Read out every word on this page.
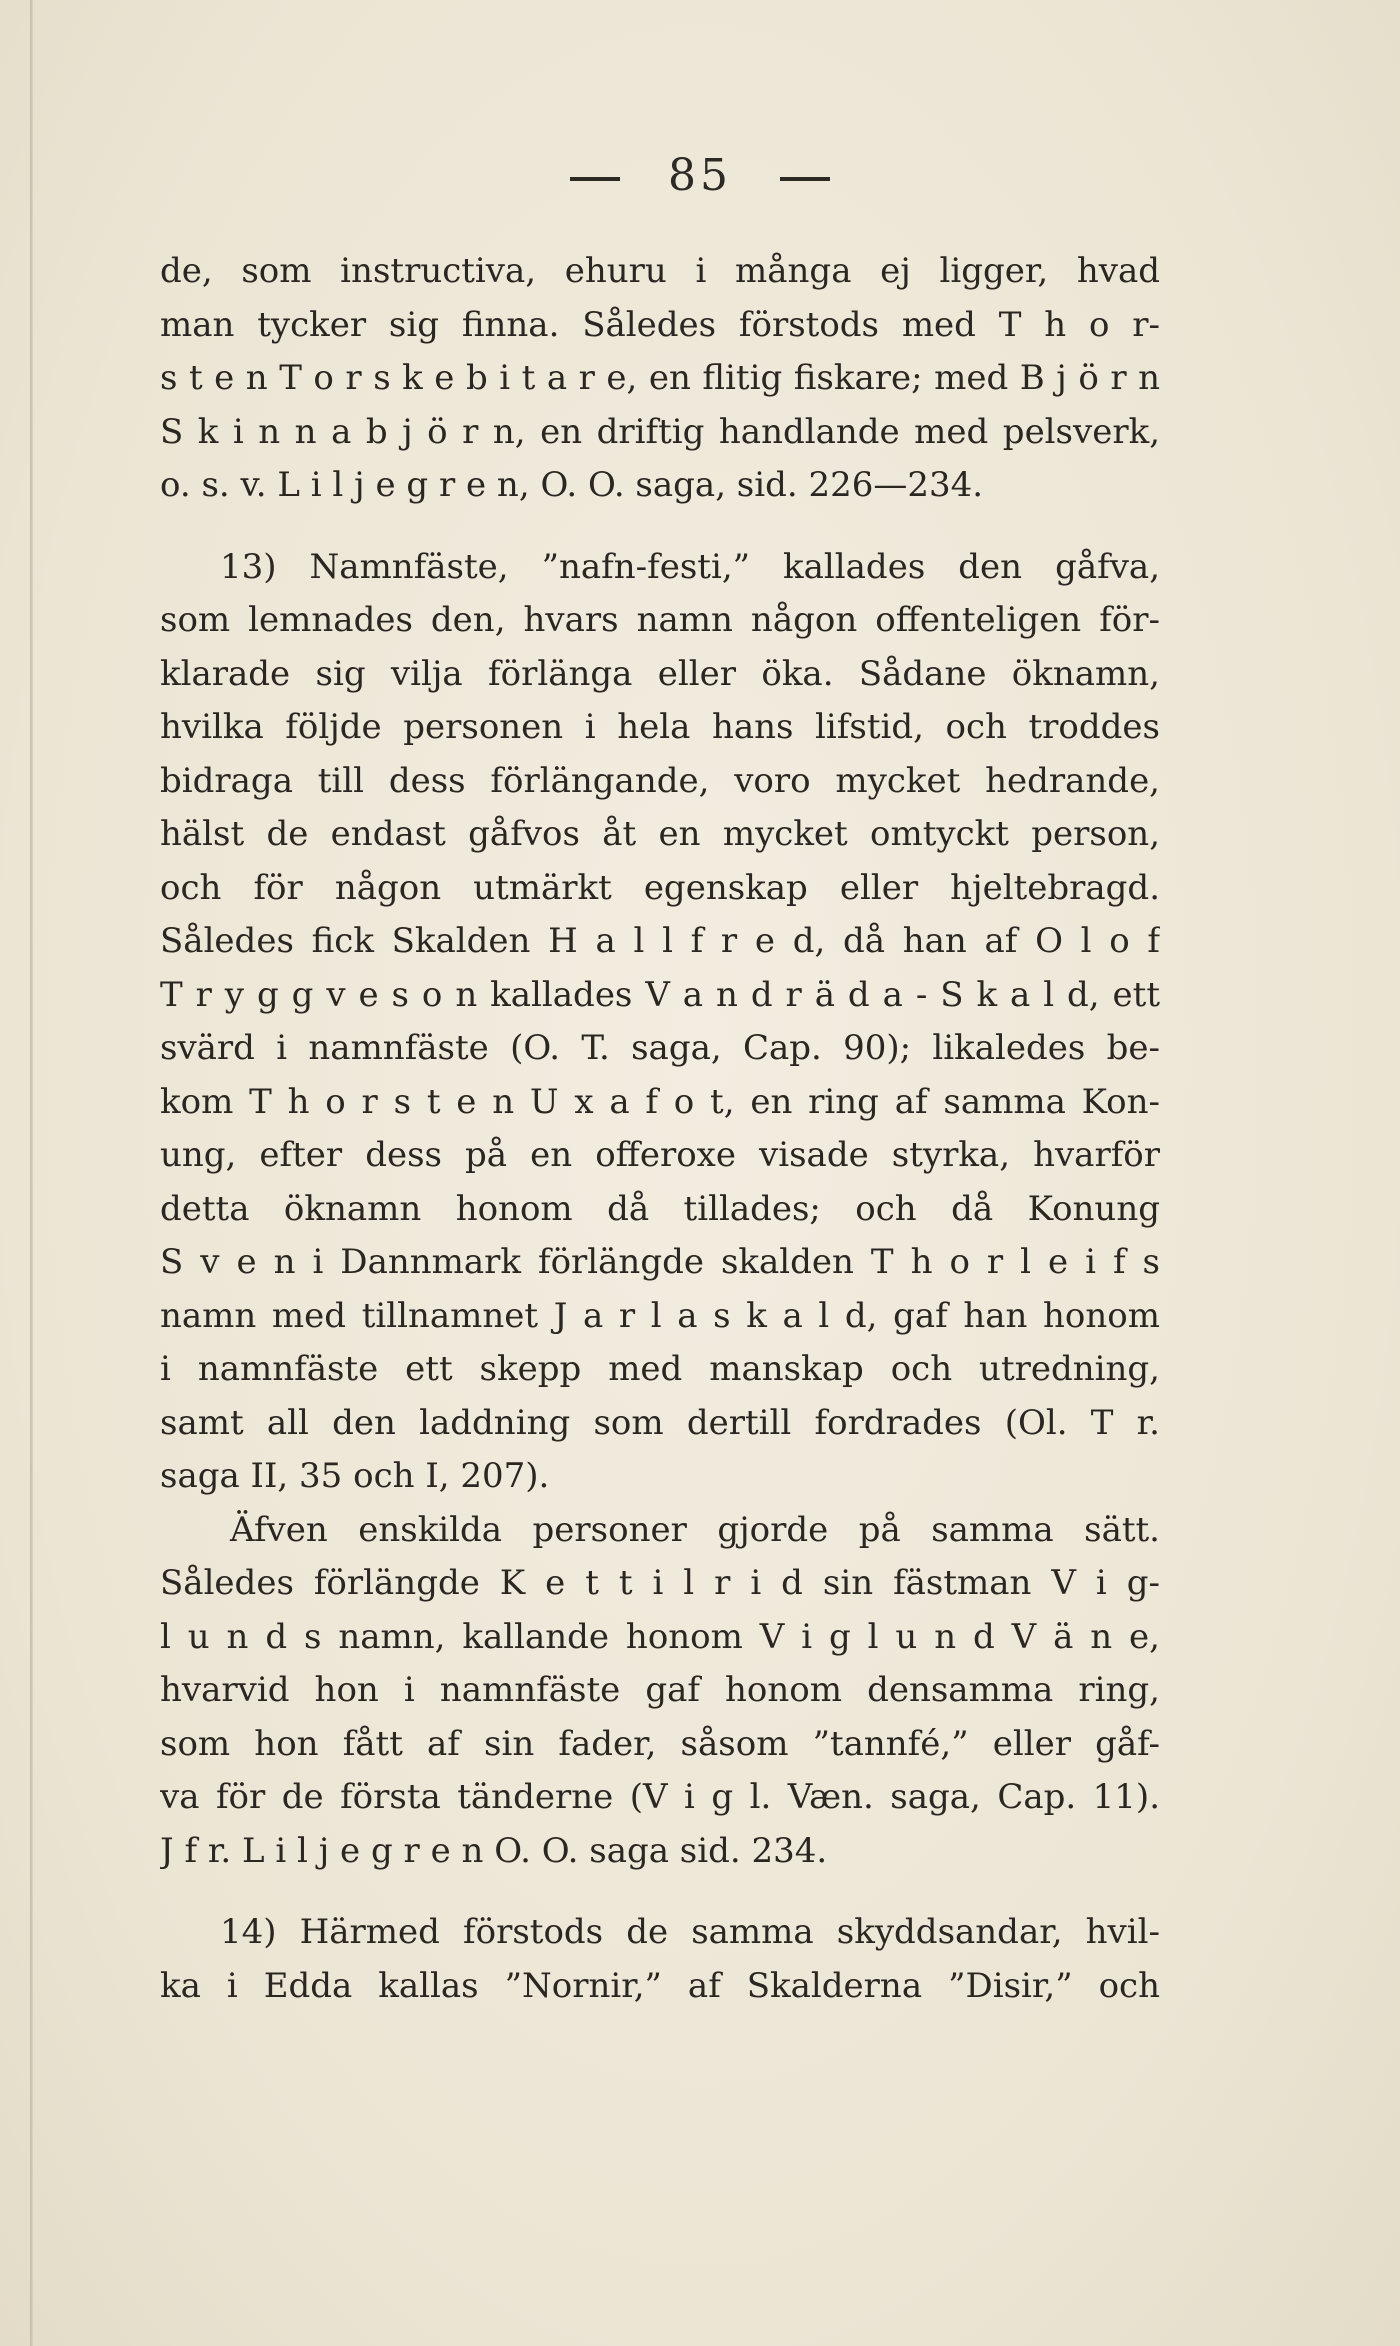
85
de, som instructiva, ehuru i många ej ligger, hvad
man tycker sig finna. Således förstods med T h o r-
s t e n T o r s k e b i t a r e, en flitig fiskare; med B j ö r n
S k i n n a b j ö r n, en driftig handlande med pelsverk,
o. s. v. L i l j e g r e n, O. O. saga, sid. 226—234.
13) Namnfäste, ”nafn-festi,” kallades den gåfva,
som lemnades den, hvars namn någon offenteligen för-
klarade sig vilja förlänga eller öka. Sådane öknamn,
hvilka följde personen i hela hans lifstid, och troddes
bidraga till dess förlängande, voro mycket hedrande,
hälst de endast gåfvos åt en mycket omtyckt person,
och för någon utmärkt egenskap eller hjeltebragd.
Således fick Skalden H a l l f r e d, då han af O l o f
T r y g g v e s o n kallades V a n d r ä d a - S k a l d, ett
svärd i namnfäste (O. T. saga, Cap. 90); likaledes be-
kom T h o r s t e n U x a f o t, en ring af samma Kon-
ung, efter dess på en offeroxe visade styrka, hvarför
detta öknamn honom då tillades; och då Konung
S v e n i Dannmark förlängde skalden T h o r l e i f s
namn med tillnamnet J a r l a s k a l d, gaf han honom
i namnfäste ett skepp med manskap och utredning,
samt all den laddning som dertill fordrades (Ol. T r.
saga II, 35 och I, 207).
Äfven enskilda personer gjorde på samma sätt.
Således förlängde K e t t i l r i d sin fästman V i g-
l u n d s namn, kallande honom V i g l u n d V ä n e,
hvarvid hon i namnfäste gaf honom densamma ring,
som hon fått af sin fader, såsom ”tannfé,” eller gåf-
va för de första tänderne (V i g l. Væn. saga, Cap. 11).
J f r. L i l j e g r e n O. O. saga sid. 234.
14) Härmed förstods de samma skyddsandar, hvil-
ka i Edda kallas ”Nornir,” af Skalderna ”Disir,” och
